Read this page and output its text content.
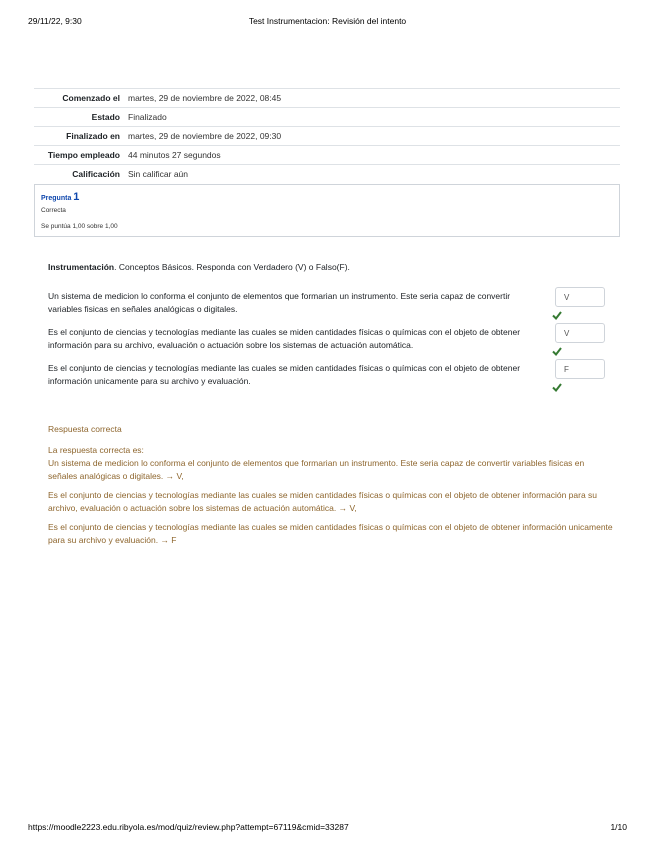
29/11/22, 9:30	Test Instrumentacion: Revisión del intento
Comenzado el	martes, 29 de noviembre de 2022, 08:45
Estado	Finalizado
Finalizado en	martes, 29 de noviembre de 2022, 09:30
Tiempo empleado	44 minutos 27 segundos
Calificación	Sin calificar aún
Pregunta 1
Correcta
Se puntúa 1,00 sobre 1,00
Instrumentación. Conceptos Básicos. Responda con Verdadero (V) o Falso(F).
Un sistema de medicion lo conforma el conjunto de elementos que formarian un instrumento. Este seria capaz de convertir variables fisicas en señales analógicas o digitales.
V
Es el conjunto de ciencias y tecnologías mediante las cuales se miden cantidades físicas o químicas con el objeto de obtener información para su archivo, evaluación o actuación sobre los sistemas de actuación automática.
V
Es el conjunto de ciencias y tecnologías mediante las cuales se miden cantidades físicas o químicas con el objeto de obtener información unicamente para su archivo y evaluación.
F

Respuesta correcta

La respuesta correcta es:

Un sistema de medicion lo conforma el conjunto de elementos que formarian un instrumento. Este seria capaz de convertir variables fisicas en señales analógicas o digitales. → V,

Es el conjunto de ciencias y tecnologías mediante las cuales se miden cantidades físicas o químicas con el objeto de obtener información para su archivo, evaluación o actuación sobre los sistemas de actuación automática. → V,

Es el conjunto de ciencias y tecnologías mediante las cuales se miden cantidades físicas o químicas con el objeto de obtener información unicamente para su archivo y evaluación. → F

https://moodle2223.edu.ribyola.es/mod/quiz/review.php?attempt=67119&cmid=33287	1/10
